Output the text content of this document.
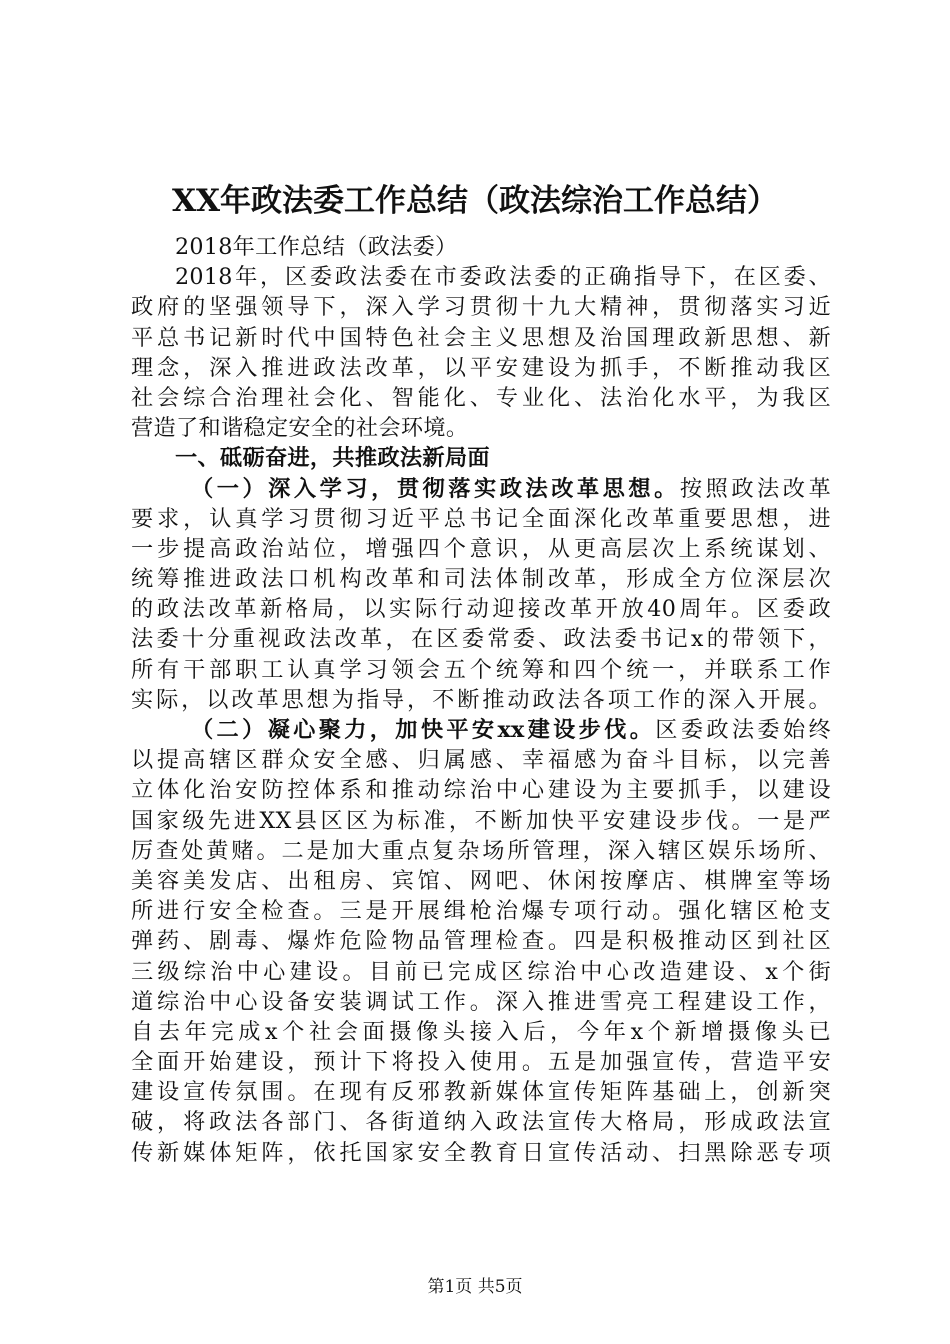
XX年政法委工作总结（政法综治工作总结）
2018年工作总结（政法委）
2018年，区委政法委在市委政法委的正确指导下，在区委、
政府的坚强领导下，深入学习贯彻十九大精神，贯彻落实习近
平总书记新时代中国特色社会主义思想及治国理政新思想、新
理念，深入推进政法改革，以平安建设为抓手，不断推动我区
社会综合治理社会化、智能化、专业化、法治化水平，为我区
营造了和谐稳定安全的社会环境。
一、砥砺奋进，共推政法新局面
（一）深入学习，贯彻落实政法改革思想。按照政法改革
要求，认真学习贯彻习近平总书记全面深化改革重要思想，进
一步提高政治站位，增强四个意识，从更高层次上系统谋划、
统筹推进政法口机构改革和司法体制改革，形成全方位深层次
的政法改革新格局，以实际行动迎接改革开放40周年。区委政
法委十分重视政法改革，在区委常委、政法委书记x的带领下，
所有干部职工认真学习领会五个统筹和四个统一，并联系工作
实际，以改革思想为指导，不断推动政法各项工作的深入开展。
（二）凝心聚力，加快平安xx建设步伐。区委政法委始终
以提高辖区群众安全感、归属感、幸福感为奋斗目标，以完善
立体化治安防控体系和推动综治中心建设为主要抓手，以建设
国家级先进XX县区区为标准，不断加快平安建设步伐。一是严
厉查处黄赌。二是加大重点复杂场所管理，深入辖区娱乐场所、
美容美发店、出租房、宾馆、网吧、休闲按摩店、棋牌室等场
所进行安全检查。三是开展缉枪治爆专项行动。强化辖区枪支
弹药、剧毒、爆炸危险物品管理检查。四是积极推动区到社区
三级综治中心建设。目前已完成区综治中心改造建设、x个街
道综治中心设备安装调试工作。深入推进雪亮工程建设工作，
自去年完成x个社会面摄像头接入后，今年x个新增摄像头已
全面开始建设，预计下将投入使用。五是加强宣传，营造平安
建设宣传氛围。在现有反邪教新媒体宣传矩阵基础上，创新突
破，将政法各部门、各街道纳入政法宣传大格局，形成政法宣
传新媒体矩阵，依托国家安全教育日宣传活动、扫黑除恶专项
第1页 共5页
